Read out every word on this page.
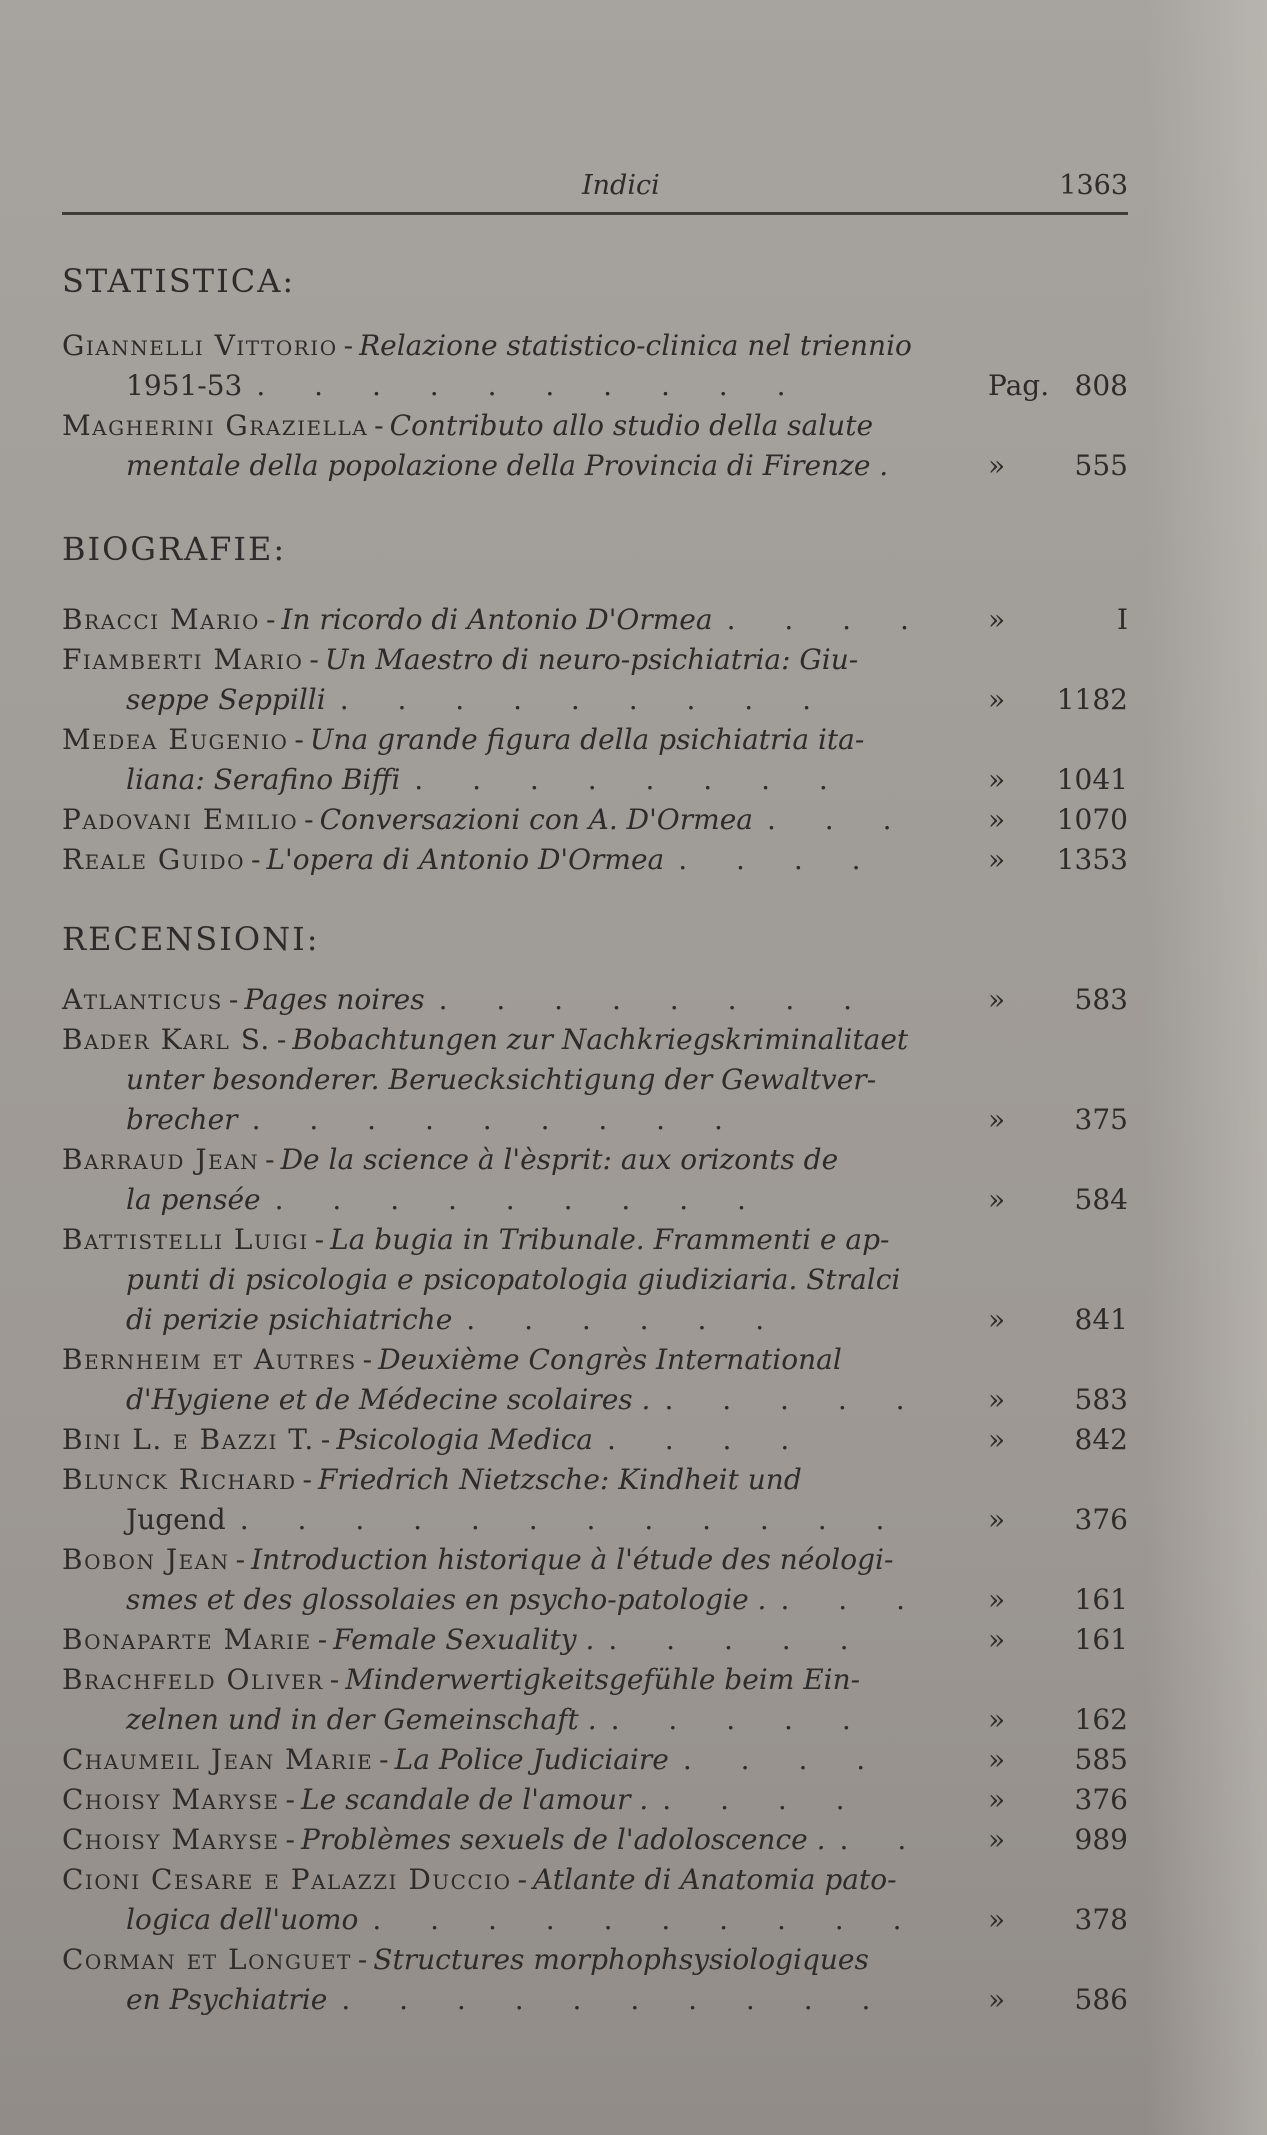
Indici	1363
STATISTICA:
Giannelli Vittorio - Relazione statistico-clinica nel triennio
1951-53 . . . . . . . . . .	Pag. 808
Magherini Graziella - Contributo allo studio della salute
mentale della popolazione della Provincia di Firenze .	» 555
BIOGRAFIE:
Bracci Mario - In ricordo di Antonio D'Ormea . . . .	»	I
Fiamberti Mario - Un Maestro di neuro-psichiatria: Giu-
seppe Seppilli . . . . . . . . .	» 1182
Medea Eugenio - Una grande figura della psichiatria ita-
liana: Serafino Biffi . . . . . . . .	» 1041
Padovani Emilio - Conversazioni con A. D'Ormea . . .	» 1070
Reale Guido - L'opera di Antonio D'Ormea . . . .	» 1353
RECENSIONI:
Atlanticus - Pages noires . . . . . . . .	» 583
Bader Karl S. - Bobachtungen zur Nachkriegskriminalitaet
unter besonderer. Beruecksichtigung der Gewaltver-
brecher . . . . . . . . .	» 375
Barraud Jean - De la science à l'èsprit: aux orizonts de
la pensée . . . . . . . . .	» 584
Battistelli Luigi - La bugia in Tribunale. Frammenti e ap-
punti di psicologia e psicopatologia giudiziaria. Stralci
di perizie psichiatriche . . . . . .	» 841
Bernheim et Autres - Deuxième Congrès International
d'Hygiene et de Médecine scolaires . . . . . .	» 583
Bini L. e Bazzi T. - Psicologia Medica . . . .	» 842
Blunck Richard - Friedrich Nietzsche: Kindheit und
Jugend . . . . . . . . . . . .	» 376
Bobon Jean - Introduction historique à l'étude des néologi-
smes et des glossolaies en psycho-patologie . . . .	» 161
Bonaparte Marie - Female Sexuality . . . . . .	» 161
Brachfeld Oliver - Minderwertigkeitsgefühle beim Ein-
zelnen und in der Gemeinschaft . . . . . .	» 162
Chaumeil Jean Marie - La Police Judiciaire . . . .	» 585
Choisy Maryse - Le scandale de l'amour . . . . .	» 376
Choisy Maryse - Problèmes sexuels de l'adoloscence . . .	» 989
Cioni Cesare e Palazzi Duccio - Atlante di Anatomia pato-
logica dell'uomo . . . . . . . . . .	» 378
Corman et Longuet - Structures morphophsysiologiques
en Psychiatrie . . . . . . . . . .	» 586
